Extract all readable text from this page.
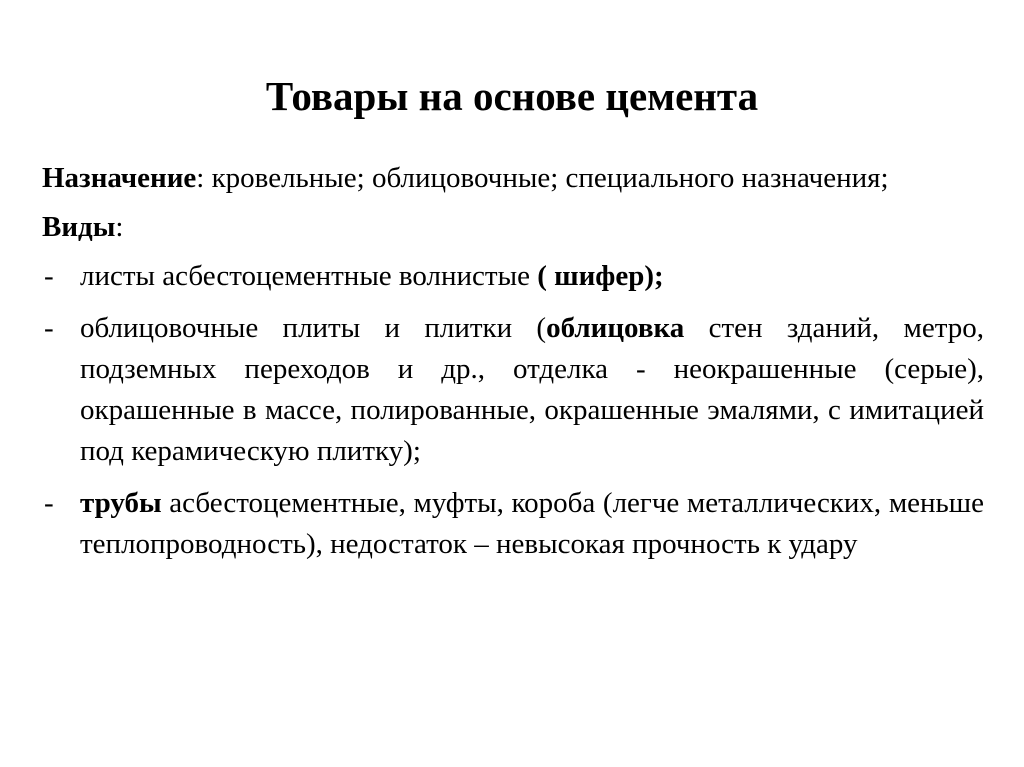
Товары на основе цемента
Назначение: кровельные; облицовочные; специального назначения;
Виды:
- листы асбестоцементные волнистые ( шифер);
- облицовочные плиты и плитки (облицовка стен зданий, метро, подземных переходов и др., отделка - неокрашенные (серые), окрашенные в массе, полированные, окрашенные эмалями, с имитацией под керамическую плитку);
- трубы асбестоцементные, муфты, короба (легче металлических, меньше теплопроводность), недостаток – невысокая прочность к удару
